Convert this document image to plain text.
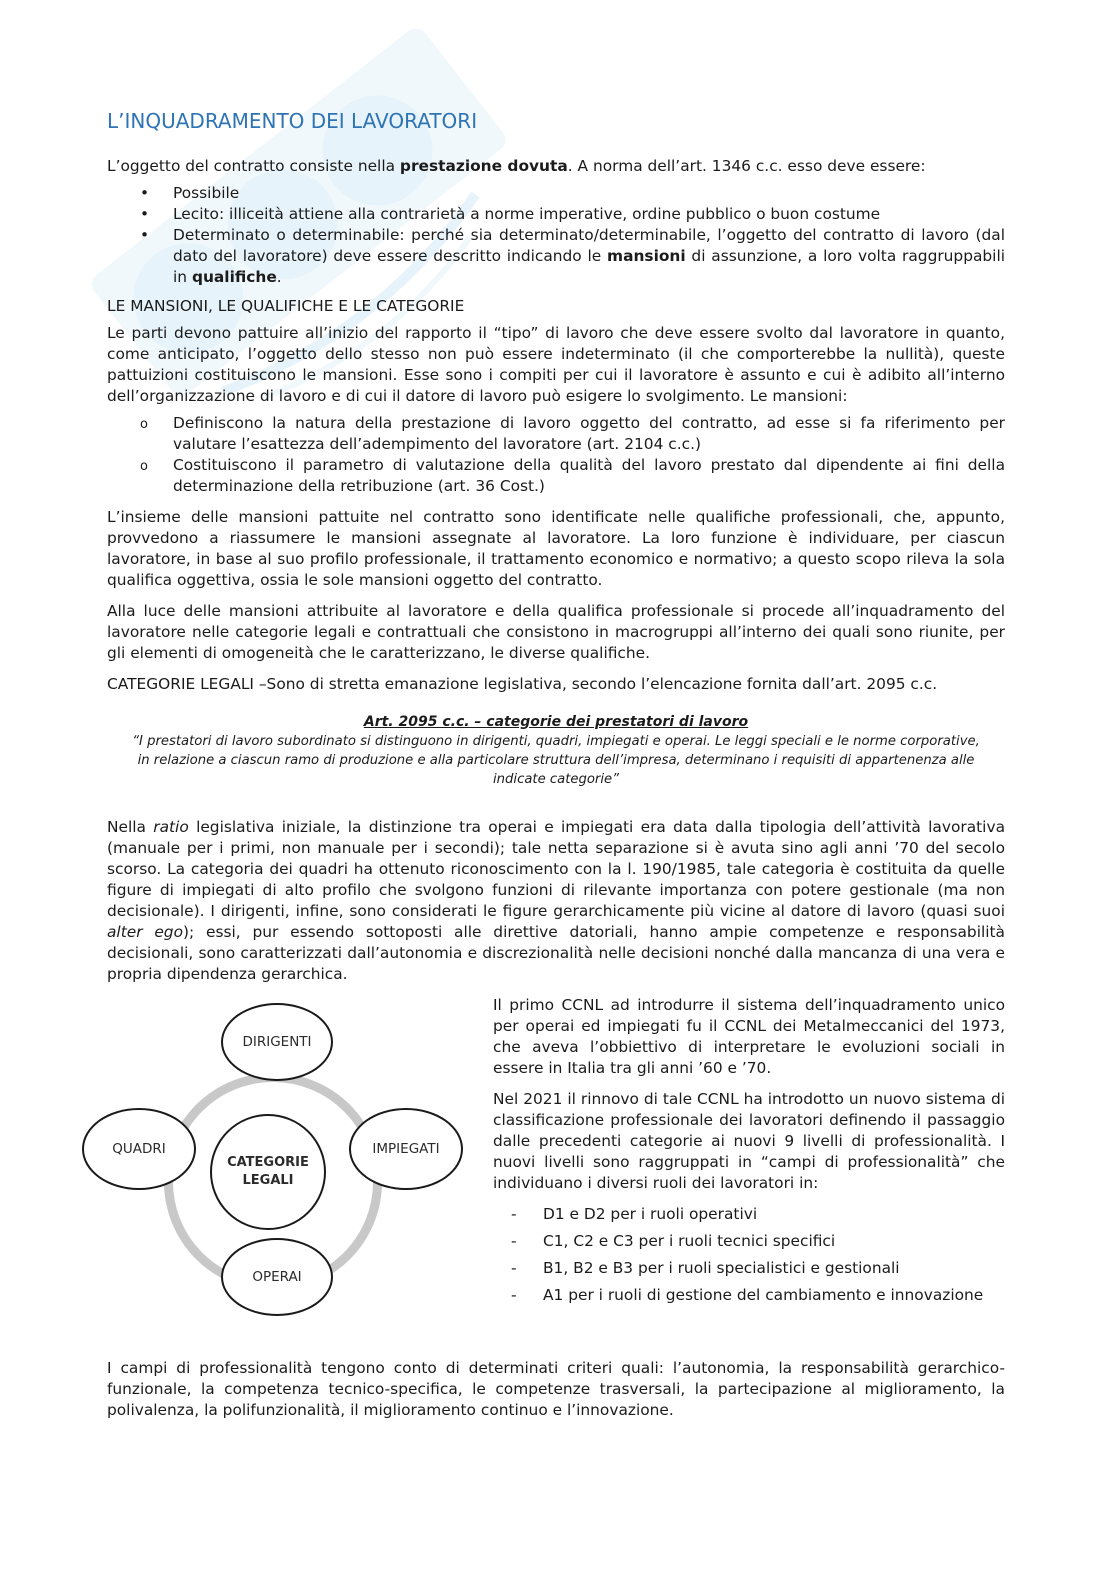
L’INQUADRAMENTO DEI LAVORATORI

L’oggetto del contratto consiste nella prestazione dovuta. A norma dell’art. 1346 c.c. esso deve essere:

• Possibile
• Lecito: illiceità attiene alla contrarietà a norme imperative, ordine pubblico o buon costume
• Determinato o determinabile: perché sia determinato/determinabile, l’oggetto del contratto di lavoro (dal dato del lavoratore) deve essere descritto indicando le mansioni di assunzione, a loro volta raggruppabili in qualifiche.

LE MANSIONI, LE QUALIFICHE E LE CATEGORIE

Le parti devono pattuire all’inizio del rapporto il “tipo” di lavoro che deve essere svolto dal lavoratore in quanto, come anticipato, l’oggetto dello stesso non può essere indeterminato (il che comporterebbe la nullità), queste pattuizioni costituiscono le mansioni. Esse sono i compiti per cui il lavoratore è assunto e cui è adibito all’interno dell’organizzazione di lavoro e di cui il datore di lavoro può esigere lo svolgimento. Le mansioni:

o Definiscono la natura della prestazione di lavoro oggetto del contratto, ad esse si fa riferimento per valutare l’esattezza dell’adempimento del lavoratore (art. 2104 c.c.)
o Costituiscono il parametro di valutazione della qualità del lavoro prestato dal dipendente ai fini della determinazione della retribuzione (art. 36 Cost.)

L’insieme delle mansioni pattuite nel contratto sono identificate nelle qualifiche professionali, che, appunto, provvedono a riassumere le mansioni assegnate al lavoratore. La loro funzione è individuare, per ciascun lavoratore, in base al suo profilo professionale, il trattamento economico e normativo; a questo scopo rileva la sola qualifica oggettiva, ossia le sole mansioni oggetto del contratto.

Alla luce delle mansioni attribuite al lavoratore e della qualifica professionale si procede all’inquadramento del lavoratore nelle categorie legali e contrattuali che consistono in macrogruppi all’interno dei quali sono riunite, per gli elementi di omogeneità che le caratterizzano, le diverse qualifiche.

CATEGORIE LEGALI –Sono di stretta emanazione legislativa, secondo l’elencazione fornita dall’art. 2095 c.c.

Art. 2095 c.c. – categorie dei prestatori di lavoro
“I prestatori di lavoro subordinato si distinguono in dirigenti, quadri, impiegati e operai. Le leggi speciali e le norme corporative, in relazione a ciascun ramo di produzione e alla particolare struttura dell’impresa, determinano i requisiti di appartenenza alle indicate categorie”

Nella ratio legislativa iniziale, la distinzione tra operai e impiegati era data dalla tipologia dell’attività lavorativa (manuale per i primi, non manuale per i secondi); tale netta separazione si è avuta sino agli anni ’70 del secolo scorso. La categoria dei quadri ha ottenuto riconoscimento con la l. 190/1985, tale categoria è costituita da quelle figure di impiegati di alto profilo che svolgono funzioni di rilevante importanza con potere gestionale (ma non decisionale). I dirigenti, infine, sono considerati le figure gerarchicamente più vicine al datore di lavoro (quasi suoi alter ego); essi, pur essendo sottoposti alle direttive datoriali, hanno ampie competenze e responsabilità decisionali, sono caratterizzati dall’autonomia e discrezionalità nelle decisioni nonché dalla mancanza di una vera e propria dipendenza gerarchica.

CATEGORIE LEGALI
DIRIGENTI
IMPIEGATI
OPERAI
QUADRI

Il primo CCNL ad introdurre il sistema dell’inquadramento unico per operai ed impiegati fu il CCNL dei Metalmeccanici del 1973, che aveva l’obbiettivo di interpretare le evoluzioni sociali in essere in Italia tra gli anni ’60 e ’70.

Nel 2021 il rinnovo di tale CCNL ha introdotto un nuovo sistema di classificazione professionale dei lavoratori definendo il passaggio dalle precedenti categorie ai nuovi 9 livelli di professionalità. I nuovi livelli sono raggruppati in “campi di professionalità” che individuano i diversi ruoli dei lavoratori in:

- D1 e D2 per i ruoli operativi
- C1, C2 e C3 per i ruoli tecnici specifici
- B1, B2 e B3 per i ruoli specialistici e gestionali
- A1 per i ruoli di gestione del cambiamento e innovazione

I campi di professionalità tengono conto di determinati criteri quali: l’autonomia, la responsabilità gerarchico-funzionale, la competenza tecnico-specifica, le competenze trasversali, la partecipazione al miglioramento, la polivalenza, la polifunzionalità, il miglioramento continuo e l’innovazione.
